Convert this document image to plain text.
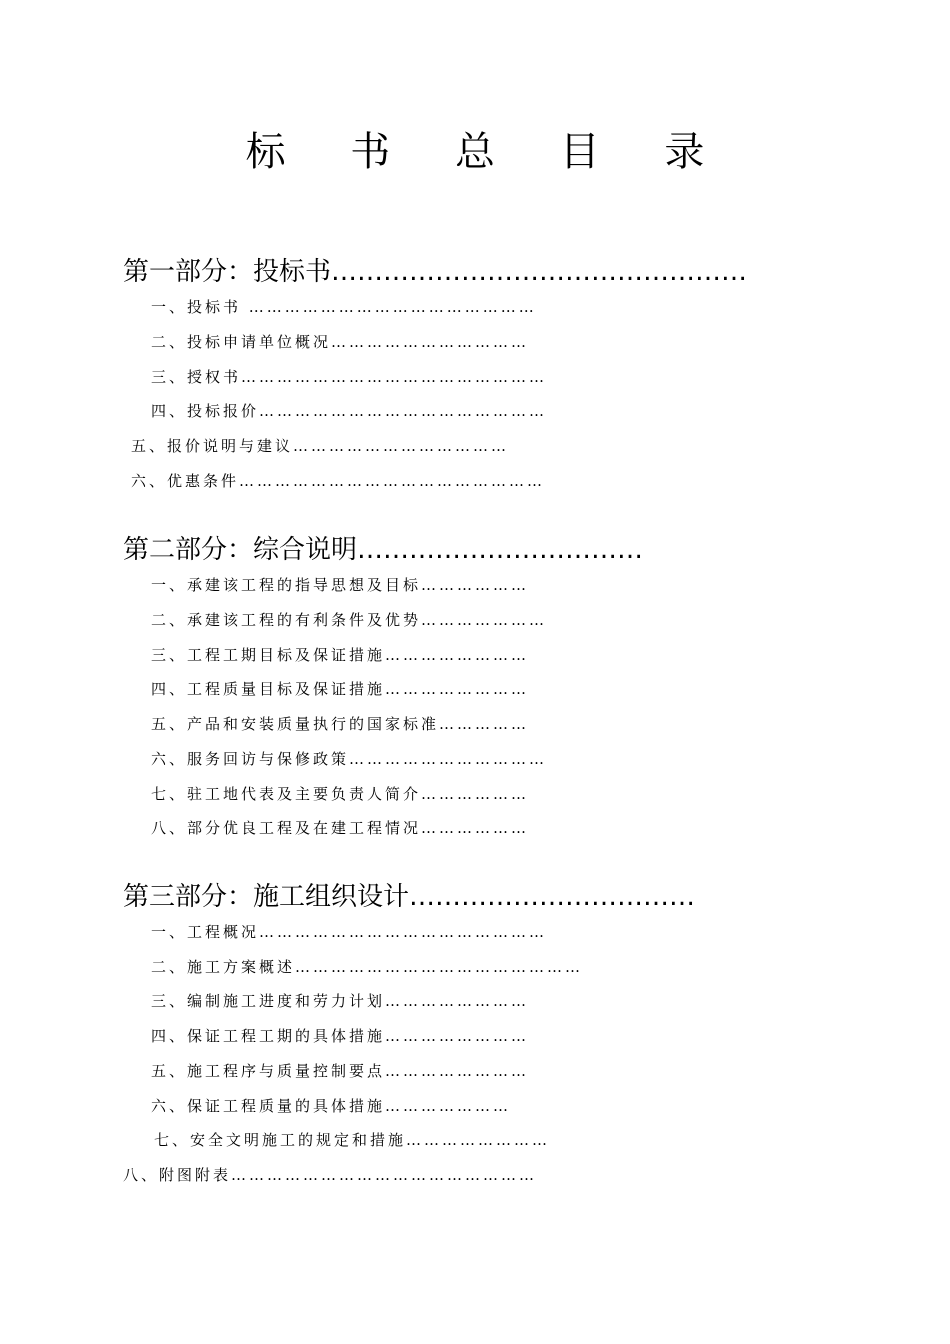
标 书 总 目 录
第一部分：投标书…………………………………………
一、投标书 …………………………………………
二、投标申请单位概况……………………………
三、授权书……………………………………………
四、投标报价…………………………………………
五、报价说明与建议………………………………
六、优惠条件……………………………………………
第二部分：综合说明……………………………
一、承建该工程的指导思想及目标………………
二、承建该工程的有利条件及优势…………………
三、工程工期目标及保证措施……………………
四、工程质量目标及保证措施……………………
五、产品和安装质量执行的国家标准……………
六、服务回访与保修政策……………………………
七、驻工地代表及主要负责人简介………………
八、部分优良工程及在建工程情况………………
第三部分：施工组织设计……………………………
一、工程概况…………………………………………
二、施工方案概述…………………………………………
三、编制施工进度和劳力计划……………………
四、保证工程工期的具体措施……………………
五、施工程序与质量控制要点……………………
六、保证工程质量的具体措施…………………
七、安全文明施工的规定和措施……………………
八、附图附表……………………………………………
